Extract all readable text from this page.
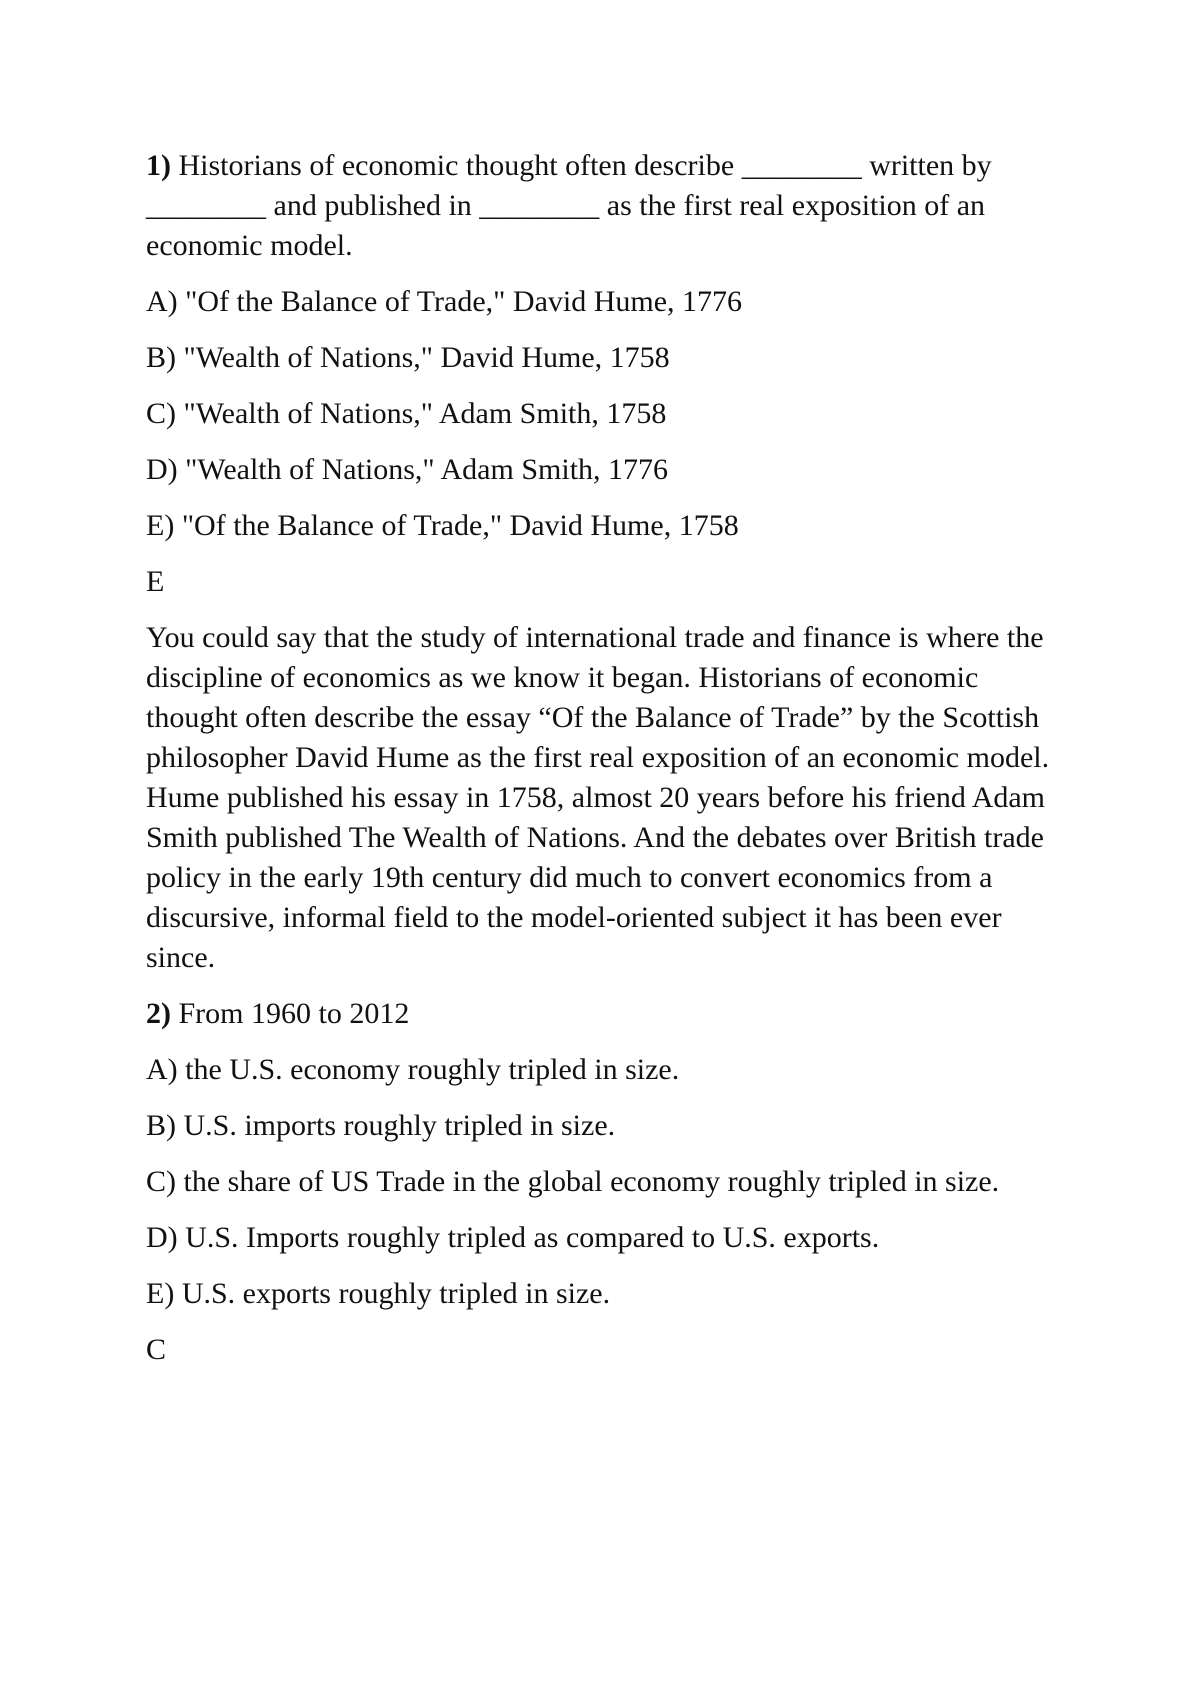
1) Historians of economic thought often describe ________ written by ________ and published in ________ as the first real exposition of an economic model.

A) "Of the Balance of Trade," David Hume, 1776

B) "Wealth of Nations," David Hume, 1758

C) "Wealth of Nations," Adam Smith, 1758

D) "Wealth of Nations," Adam Smith, 1776

E) "Of the Balance of Trade," David Hume, 1758

E

You could say that the study of international trade and finance is where the discipline of economics as we know it began. Historians of economic thought often describe the essay “Of the Balance of Trade” by the Scottish philosopher David Hume as the first real exposition of an economic model. Hume published his essay in 1758, almost 20 years before his friend Adam Smith published The Wealth of Nations. And the debates over British trade policy in the early 19th century did much to convert economics from a discursive, informal field to the model-oriented subject it has been ever since.

2) From 1960 to 2012

A) the U.S. economy roughly tripled in size.

B) U.S. imports roughly tripled in size.

C) the share of US Trade in the global economy roughly tripled in size.

D) U.S. Imports roughly tripled as compared to U.S. exports.

E) U.S. exports roughly tripled in size.

C
